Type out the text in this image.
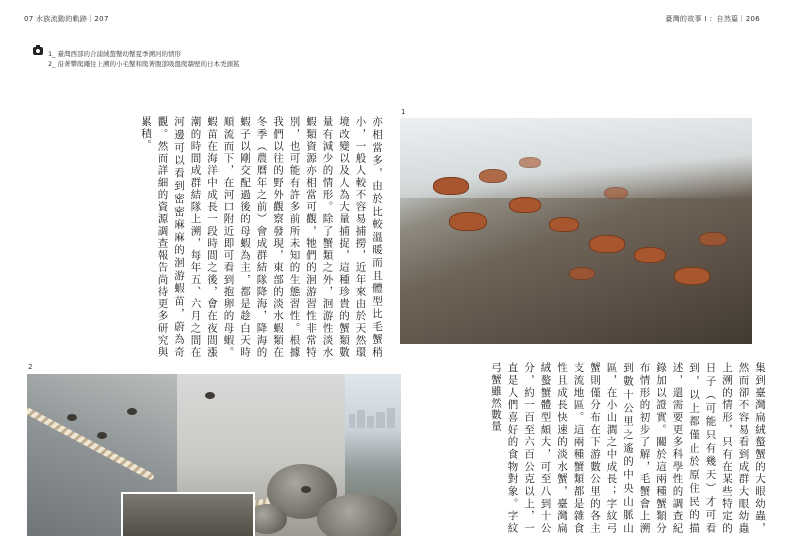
07 水族流動的軌跡｜207	臺灣的故事 I ：自然篇｜206
1_ 臺灣西部的合浦絨螯蟹幼蟹夏季溯河的情形
2_ 沿著攀爬繩往上溯的小毛蟹和爬著腹部吸盤爬牆壁的日本禿頭鯊
亦相當多，由於比較溫暖而且體型比毛蟹稍小，一般人較不容易捕撈，近年來由於天然環境改變以及人為大量捕捉，這種珍貴的蟹類數量有減少的情形。除了蟹類之外，洄游性淡水蝦類資源亦相當可觀，牠們的洄游習性非常特別，也可能有許多前所未知的生態習性。根據我們以往的野外觀察發現，東部的淡水蝦類在冬季（農曆年之前）會成群結隊降海，降海的蝦子以剛交配過後的母蝦為主，都是趁白天時順流而下，在河口附近即可看到抱卵的母蝦。蝦苗在海洋中成長一段時間之後，會在夜間漲潮的時間成群結隊上溯，每年五、六月之間在河邊可以看到密密麻麻的洄游蝦苗，蔚為奇觀。然而詳細的資源調查報告尚待更多研究與累積。
1
2	集到臺灣扁絨螯蟹的大眼幼蟲，然而卻不容易看到成群大眼幼蟲上溯的情形，只有在某些特定的日子（可能只有幾天）才可看到，以上都僅止於原住民的描述，還需要更多科學性的調查紀錄加以證實。關於這兩種蟹類分布情形的初步了解，毛蟹會上溯到數十公里之遙的中央山脈山區，在小山澗之中成長；字紋弓蟹則僅分布在下游數公里的各主支流地區。這兩種蟹類都是雜食性且成長快速的淡水蟹，臺灣扁絨螯蟹體型頗大，可至八到十公分，約一百至六百公克以上，一直是人們喜好的食物對象。字紋弓蟹雖然數量
